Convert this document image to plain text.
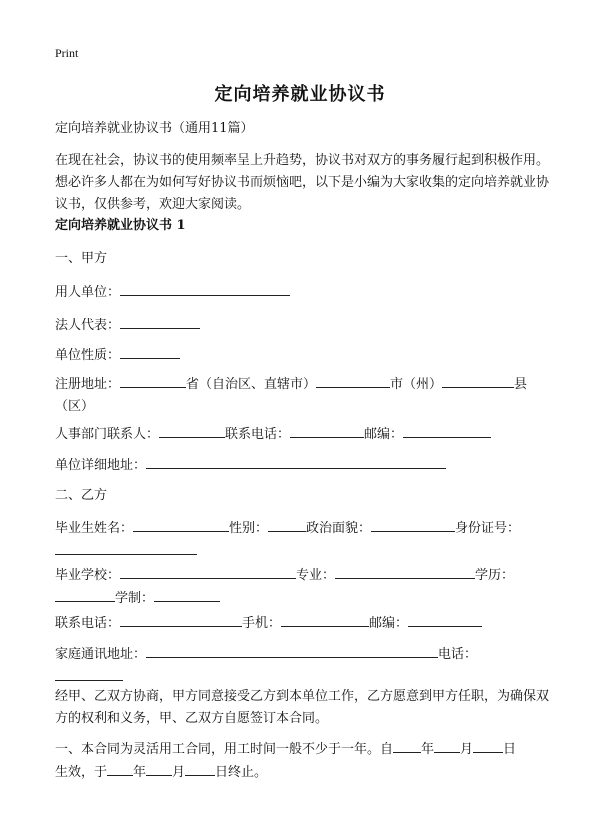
Print
定向培养就业协议书
定向培养就业协议书（通用11篇）
在现在社会，协议书的使用频率呈上升趋势，协议书对双方的事务履行起到积极作用。想必许多人都在为如何写好协议书而烦恼吧，以下是小编为大家收集的定向培养就业协议书，仅供参考，欢迎大家阅读。
定向培养就业协议书 1
一、甲方
用人单位：
法人代表：
单位性质：
注册地址：	省（自治区、直辖市）	市（州）	县
（区）
人事部门联系人：	联系电话：	邮编：
单位详细地址：
二、乙方
毕业生姓名：	性别：	政治面貌：	身份证号：

毕业学校：	专业：	学历：
学制：
联系电话：	手机：	邮编：
家庭通讯地址：	电话：

经甲、乙双方协商，甲方同意接受乙方到本单位工作，乙方愿意到甲方任职，为确保双方的权利和义务，甲、乙双方自愿签订本合同。
一、本合同为灵活用工合同，用工时间一般不少于一年。自 年 月 日
生效，于 年 月 日终止。
